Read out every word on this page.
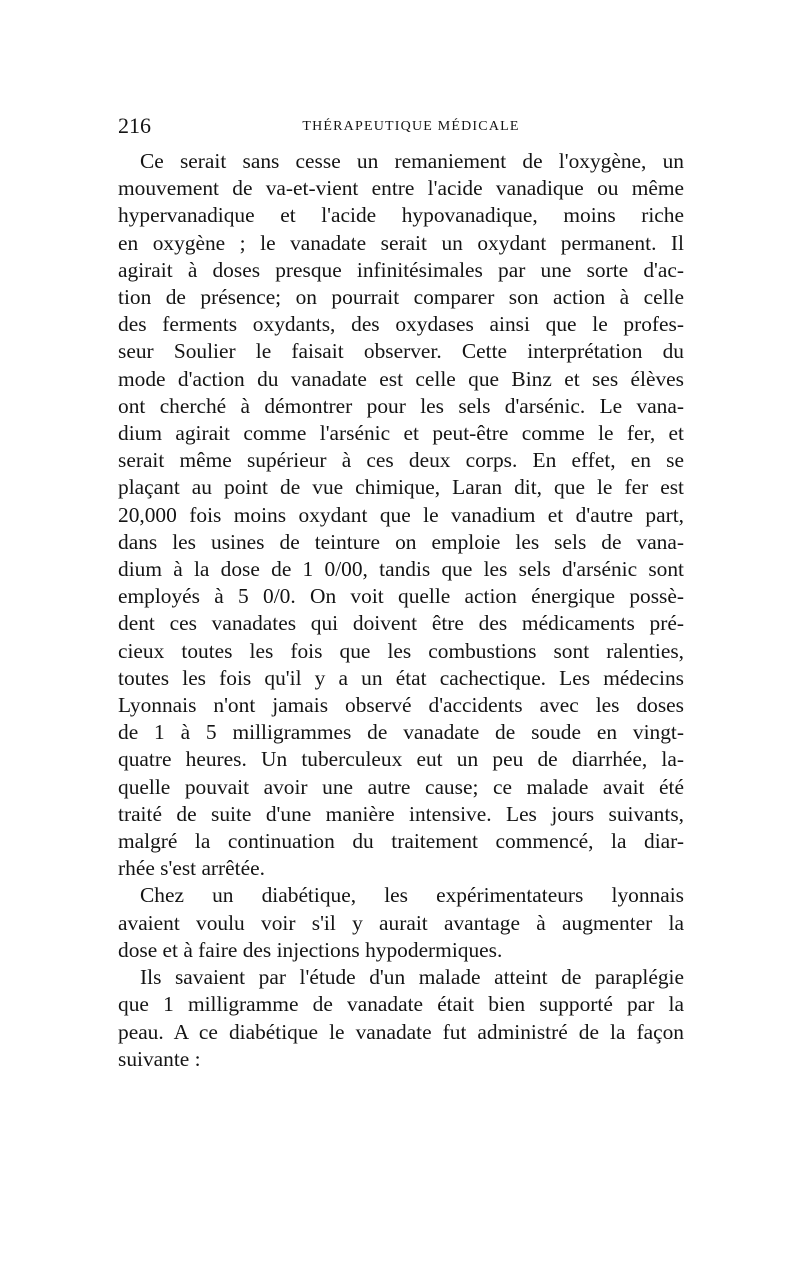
216	THÉRAPEUTIQUE MÉDICALE
Ce serait sans cesse un remaniement de l'oxygène, un
mouvement de va-et-vient entre l'acide vanadique ou même
hypervanadique et l'acide hypovanadique, moins riche
en oxygène ; le vanadate serait un oxydant permanent. Il
agirait à doses presque infinitésimales par une sorte d'ac-
tion de présence; on pourrait comparer son action à celle
des ferments oxydants, des oxydases ainsi que le profes-
seur Soulier le faisait observer. Cette interprétation du
mode d'action du vanadate est celle que Binz et ses élèves
ont cherché à démontrer pour les sels d'arsénic. Le vana-
dium agirait comme l'arsénic et peut-être comme le fer, et
serait même supérieur à ces deux corps. En effet, en se
plaçant au point de vue chimique, Laran dit, que le fer est
20,000 fois moins oxydant que le vanadium et d'autre part,
dans les usines de teinture on emploie les sels de vana-
dium à la dose de 1 0/00, tandis que les sels d'arsénic sont
employés à 5 0/0. On voit quelle action énergique possè-
dent ces vanadates qui doivent être des médicaments pré-
cieux toutes les fois que les combustions sont ralenties,
toutes les fois qu'il y a un état cachectique. Les médecins
Lyonnais n'ont jamais observé d'accidents avec les doses
de 1 à 5 milligrammes de vanadate de soude en vingt-
quatre heures. Un tuberculeux eut un peu de diarrhée, la-
quelle pouvait avoir une autre cause; ce malade avait été
traité de suite d'une manière intensive. Les jours suivants,
malgré la continuation du traitement commencé, la diar-
rhée s'est arrêtée.
Chez un diabétique, les expérimentateurs lyonnais
avaient voulu voir s'il y aurait avantage à augmenter la
dose et à faire des injections hypodermiques.
Ils savaient par l'étude d'un malade atteint de paraplégie
que 1 milligramme de vanadate était bien supporté par la
peau. A ce diabétique le vanadate fut administré de la façon
suivante :
